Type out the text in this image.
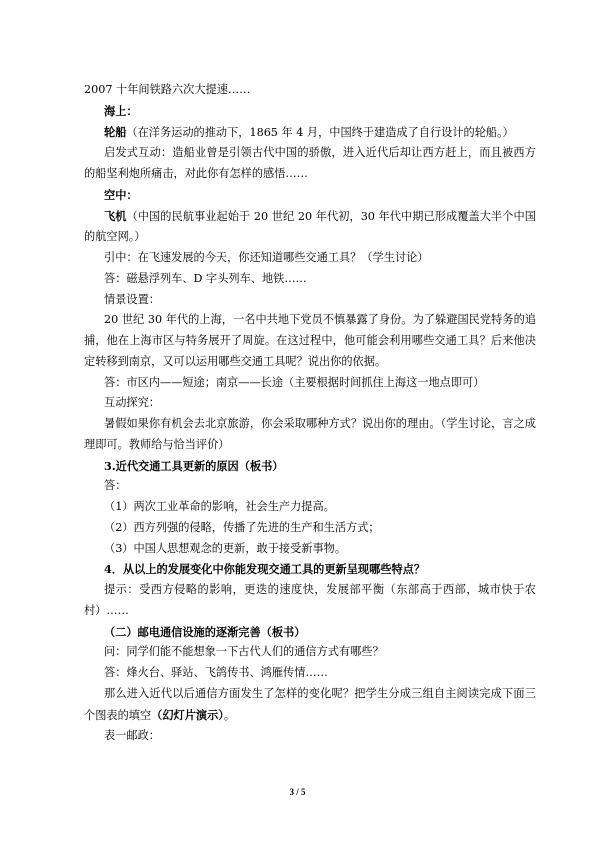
2007 十年间铁路六次大提速……

海上：

轮船（在洋务运动的推动下，1865 年 4 月，中国终于建造成了自行设计的轮船。）

启发式互动：造船业曾是引领古代中国的骄傲，进入近代后却让西方赶上，而且被西方的船坚利炮所痛击，对此你有怎样的感悟……

空中：

飞机（中国的民航事业起始于 20 世纪 20 年代初，30 年代中期已形成覆盖大半个中国的航空网。）

引中：在飞速发展的今天，你还知道哪些交通工具？（学生讨论）

答：磁悬浮列车、D 字头列车、地铁……

情景设置：

20 世纪 30 年代的上海，一名中共地下党员不慎暴露了身份。为了躲避国民党特务的追捕，他在上海市区与特务展开了周旋。在这过程中，他可能会利用哪些交通工具？后来他决定转移到南京，又可以运用哪些交通工具呢？说出你的依据。

答：市区内——短途；南京——长途（主要根据时间抓住上海这一地点即可）

互动探究：

暑假如果你有机会去北京旅游，你会采取哪种方式？说出你的理由。（学生讨论，言之成理即可。教师给与恰当评价）

3.近代交通工具更新的原因（板书）

答：

（1）两次工业革命的影响，社会生产力提高。

（2）西方列强的侵略，传播了先进的生产和生活方式；

（3）中国人思想观念的更新，敢于接受新事物。

4．从以上的发展变化中你能发现交通工具的更新呈现哪些特点？

提示：受西方侵略的影响，更迭的速度快，发展部平衡（东部高于西部，城市快于农村）……

（二）邮电通信设施的逐渐完善（板书）

问：同学们能不能想象一下古代人们的通信方式有哪些？

答：烽火台、驿站、飞鸽传书、鸿雁传情……

那么进入近代以后通信方面发生了怎样的变化呢？把学生分成三组自主阅读完成下面三个图表的填空（幻灯片演示）。

表一邮政：

3 / 5
